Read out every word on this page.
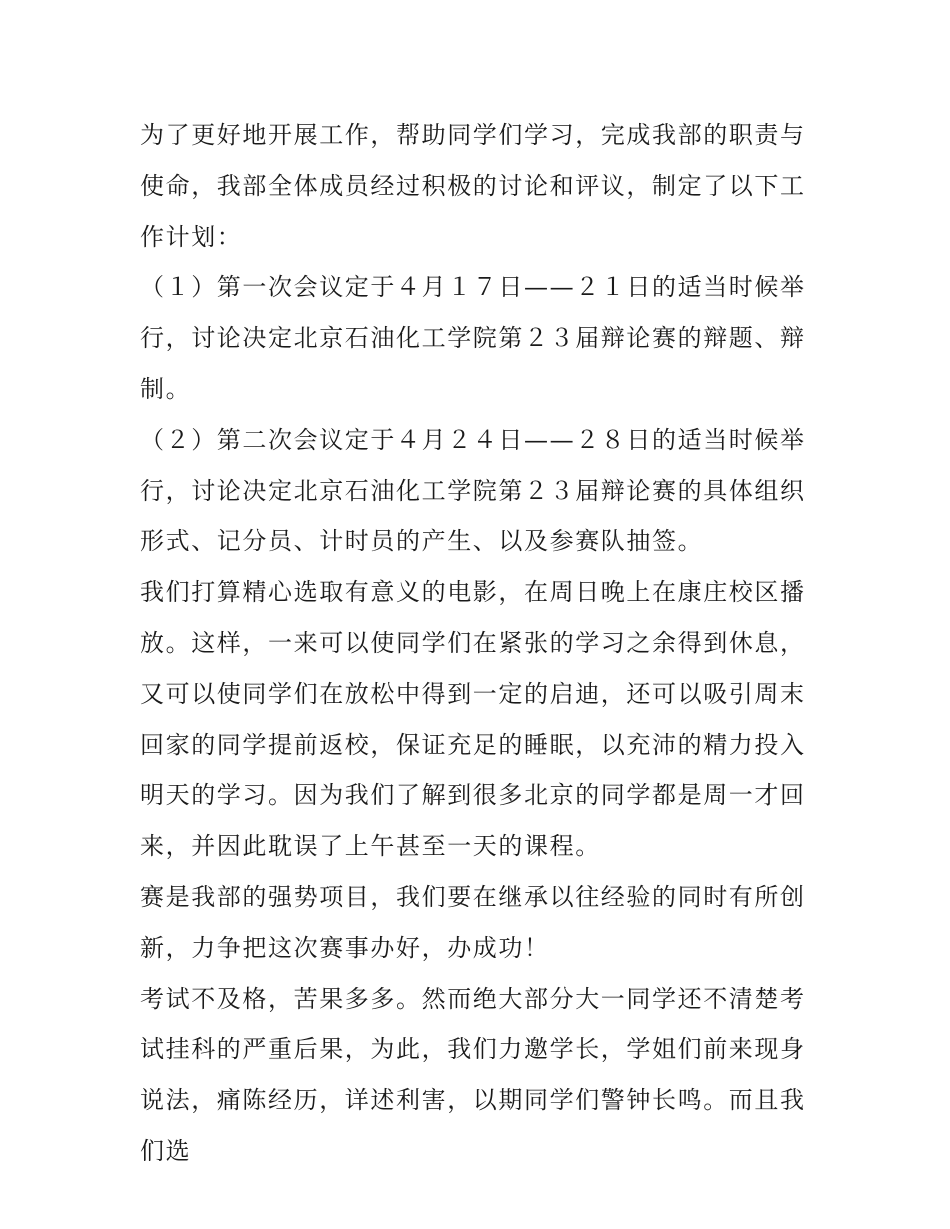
为了更好地开展工作，帮助同学们学习，完成我部的职责与使命，我部全体成员经过积极的讨论和评议，制定了以下工作计划：

（１）第一次会议定于４月１７日——２１日的适当时候举行，讨论决定北京石油化工学院第２３届辩论赛的辩题、辩制。

（２）第二次会议定于４月２４日——２８日的适当时候举行，讨论决定北京石油化工学院第２３届辩论赛的具体组织形式、记分员、计时员的产生、以及参赛队抽签。

我们打算精心选取有意义的电影，在周日晚上在康庄校区播放。这样，一来可以使同学们在紧张的学习之余得到休息，又可以使同学们在放松中得到一定的启迪，还可以吸引周末回家的同学提前返校，保证充足的睡眠，以充沛的精力投入明天的学习。因为我们了解到很多北京的同学都是周一才回来，并因此耽误了上午甚至一天的课程。

赛是我部的强势项目，我们要在继承以往经验的同时有所创新，力争把这次赛事办好，办成功！

考试不及格，苦果多多。然而绝大部分大一同学还不清楚考试挂科的严重后果，为此，我们力邀学长，学姐们前来现身说法，痛陈经历，详述利害，以期同学们警钟长鸣。而且我们选
